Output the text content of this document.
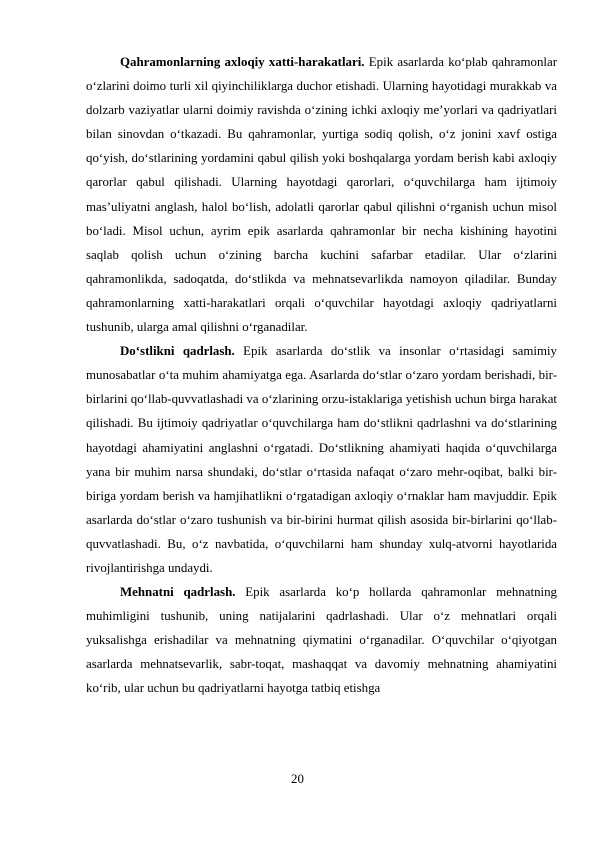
Qahramonlarning axloqiy xatti-harakatlari. Epik asarlarda ko‘plab qahramonlar o‘zlarini doimo turli xil qiyinchiliklarga duchor etishadi. Ularning hayotidagi murakkab va dolzarb vaziyatlar ularni doimiy ravishda o‘zining ichki axloqiy me’yorlari va qadriyatlari bilan sinovdan o‘tkazadi. Bu qahramonlar, yurtiga sodiq qolish, o‘z jonini xavf ostiga qo‘yish, do‘stlarining yordamini qabul qilish yoki boshqalarga yordam berish kabi axloqiy qarorlar qabul qilishadi. Ularning hayotdagi qarorlari, o‘quvchilarga ham ijtimoiy mas’uliyatni anglash, halol bo‘lish, adolatli qarorlar qabul qilishni o‘rganish uchun misol bo‘ladi. Misol uchun, ayrim epik asarlarda qahramonlar bir necha kishining hayotini saqlab qolish uchun o‘zining barcha kuchini safarbar etadilar. Ular o‘zlarini qahramonlikda, sadoqatda, do‘stlikda va mehnatsevarlikda namoyon qiladilar. Bunday qahramonlarning xatti-harakatlari orqali o‘quvchilar hayotdagi axloqiy qadriyatlarni tushunib, ularga amal qilishni o‘rganadilar.

Do‘stlikni qadrlash. Epik asarlarda do‘stlik va insonlar o‘rtasidagi samimiy munosabatlar o‘ta muhim ahamiyatga ega. Asarlarda do‘stlar o‘zaro yordam berishadi, bir-birlarini qo‘llab-quvvatlashadi va o‘zlarining orzu-istaklariga yetishish uchun birga harakat qilishadi. Bu ijtimoiy qadriyatlar o‘quvchilarga ham do‘stlikni qadrlashni va do‘stlarining hayotdagi ahamiyatini anglashni o‘rgatadi. Do‘stlikning ahamiyati haqida o‘quvchilarga yana bir muhim narsa shundaki, do‘stlar o‘rtasida nafaqat o‘zaro mehr-oqibat, balki bir-biriga yordam berish va hamjihatlikni o‘rgatadigan axloqiy o‘rnaklar ham mavjuddir. Epik asarlarda do‘stlar o‘zaro tushunish va bir-birini hurmat qilish asosida bir-birlarini qo‘llab-quvvatlashadi. Bu, o‘z navbatida, o‘quvchilarni ham shunday xulq-atvorni hayotlarida rivojlantirishga undaydi.

Mehnatni qadrlash. Epik asarlarda ko‘p hollarda qahramonlar mehnatning muhimligini tushunib, uning natijalarini qadrlashadi. Ular o‘z mehnatlari orqali yuksalishga erishadilar va mehnatning qiymatini o‘rganadilar. O‘quvchilar o‘qiyotgan asarlarda mehnatsevarlik, sabr-toqat, mashaqqat va davomiy mehnatning ahamiyatini ko‘rib, ular uchun bu qadriyatlarni hayotga tatbiq etishga

20
